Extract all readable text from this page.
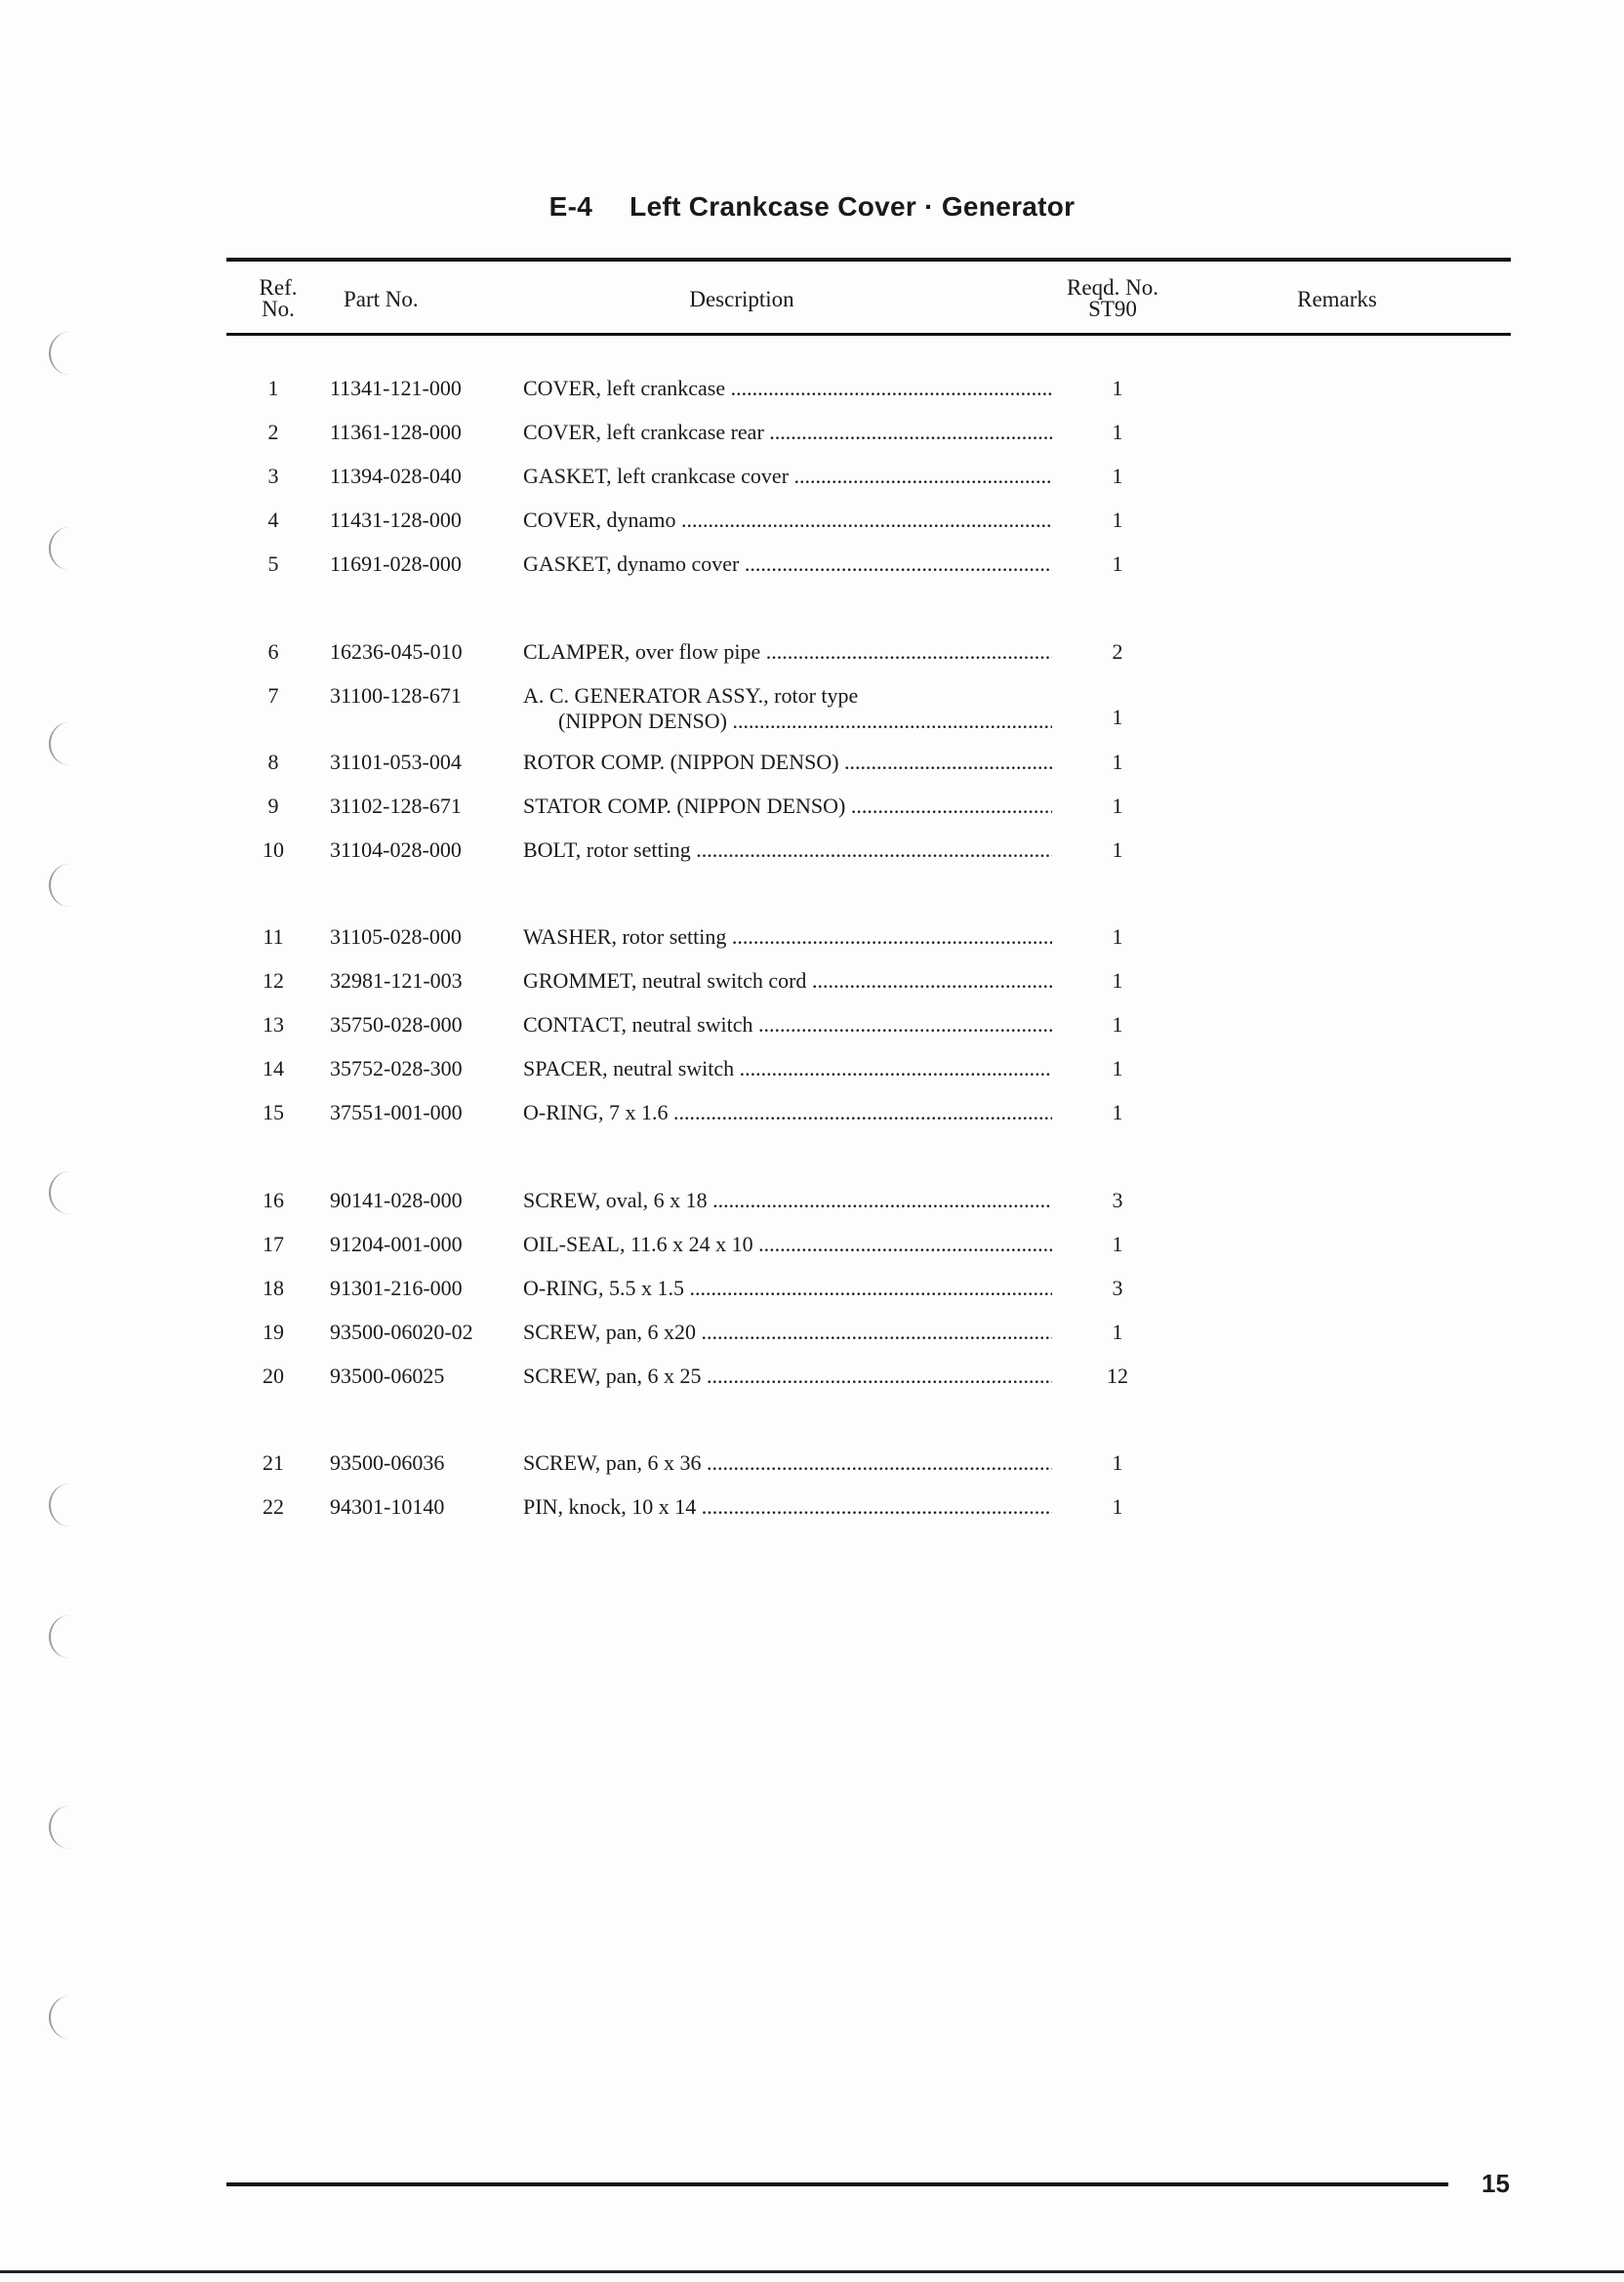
E-4 Left Crankcase Cover · Generator
Ref.
No.	Part No.	Description	Reqd. No.
ST90	Remarks
1	11341-121-000	COVER, left crankcase .....	1
2	11361-128-000	COVER, left crankcase rear .....	1
3	11394-028-040	GASKET, left crankcase cover .....	1
4	11431-128-000	COVER, dynamo .....	1
5	11691-028-000	GASKET, dynamo cover .....	1
6	16236-045-010	CLAMPER, over flow pipe .....	2
7	31100-128-671	A. C. GENERATOR ASSY., rotor type
(NIPPON DENSO) .....	1
8	31101-053-004	ROTOR COMP. (NIPPON DENSO) .....	1
9	31102-128-671	STATOR COMP. (NIPPON DENSO) .....	1
10	31104-028-000	BOLT, rotor setting .....	1
11	31105-028-000	WASHER, rotor setting .....	1
12	32981-121-003	GROMMET, neutral switch cord .....	1
13	35750-028-000	CONTACT, neutral switch .....	1
14	35752-028-300	SPACER, neutral switch .....	1
15	37551-001-000	O-RING, 7 x 1.6 .....	1
16	90141-028-000	SCREW, oval, 6 x 18 .....	3
17	91204-001-000	OIL-SEAL, 11.6 x 24 x 10 .....	1
18	91301-216-000	O-RING, 5.5 x 1.5 .....	3
19	93500-06020-02 SCREW, pan, 6 x20 .....	1
20	93500-06025	SCREW, pan, 6 x 25 .....	12
21	93500-06036	SCREW, pan, 6 x 36 .....	1
22	94301-10140	PIN, knock, 10 x 14 .....	1
15
